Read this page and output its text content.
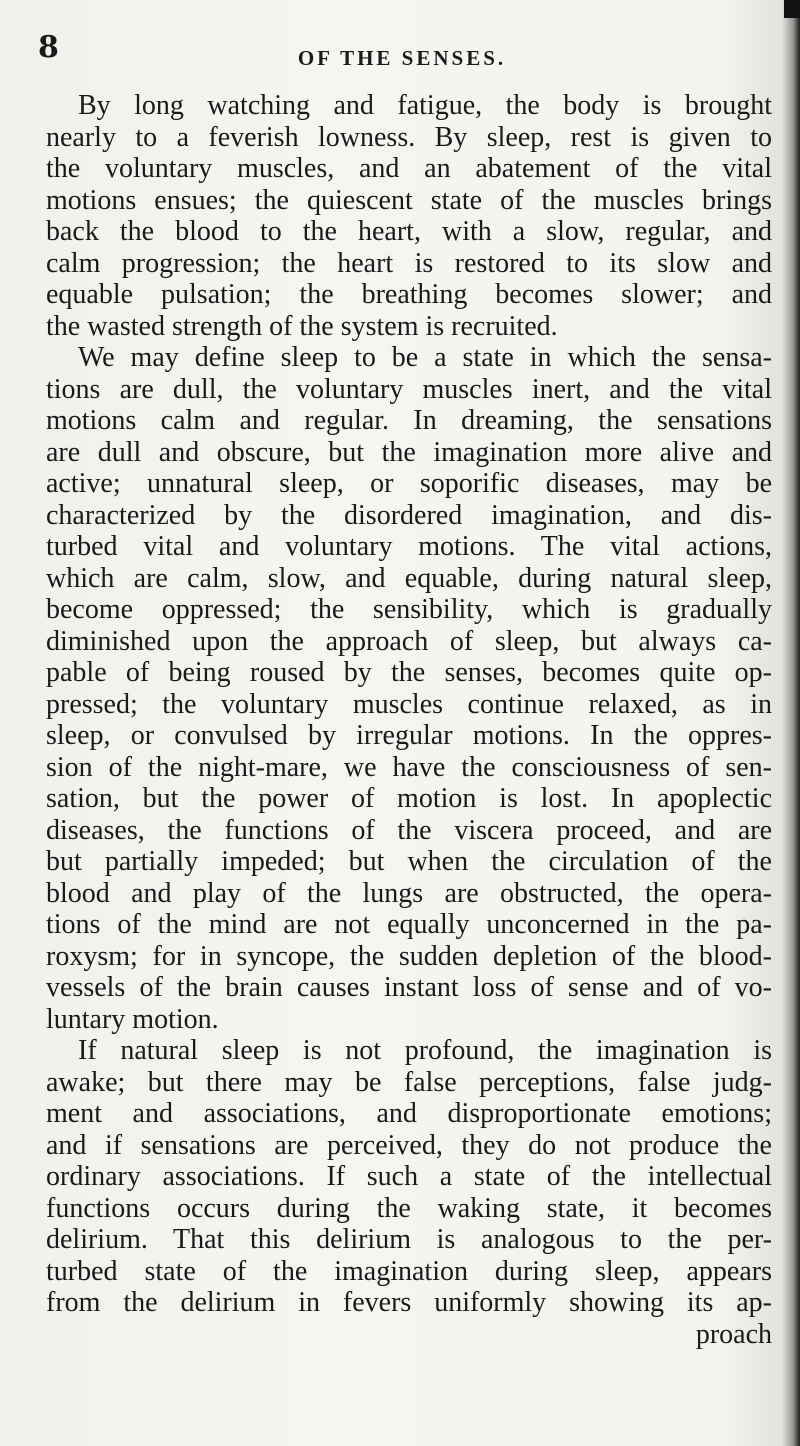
8	OF THE SENSES.
By long watching and fatigue, the body is brought
nearly to a feverish lowness. By sleep, rest is given to
the voluntary muscles, and an abatement of the vital
motions ensues; the quiescent state of the muscles brings
back the blood to the heart, with a slow, regular, and
calm progression; the heart is restored to its slow and
equable pulsation; the breathing becomes slower; and
the wasted strength of the system is recruited.
We may define sleep to be a state in which the sensa-
tions are dull, the voluntary muscles inert, and the vital
motions calm and regular. In dreaming, the sensations
are dull and obscure, but the imagination more alive and
active; unnatural sleep, or soporific diseases, may be
characterized by the disordered imagination, and dis-
turbed vital and voluntary motions. The vital actions,
which are calm, slow, and equable, during natural sleep,
become oppressed; the sensibility, which is gradually
diminished upon the approach of sleep, but always ca-
pable of being roused by the senses, becomes quite op-
pressed; the voluntary muscles continue relaxed, as in
sleep, or convulsed by irregular motions. In the oppres-
sion of the night-mare, we have the consciousness of sen-
sation, but the power of motion is lost. In apoplectic
diseases, the functions of the viscera proceed, and are
but partially impeded; but when the circulation of the
blood and play of the lungs are obstructed, the opera-
tions of the mind are not equally unconcerned in the pa-
roxysm; for in syncope, the sudden depletion of the blood-
vessels of the brain causes instant loss of sense and of vo-
luntary motion.
If natural sleep is not profound, the imagination is
awake; but there may be false perceptions, false judg-
ment and associations, and disproportionate emotions;
and if sensations are perceived, they do not produce the
ordinary associations. If such a state of the intellectual
functions occurs during the waking state, it becomes
delirium. That this delirium is analogous to the per-
turbed state of the imagination during sleep, appears
from the delirium in fevers uniformly showing its ap-
proach
